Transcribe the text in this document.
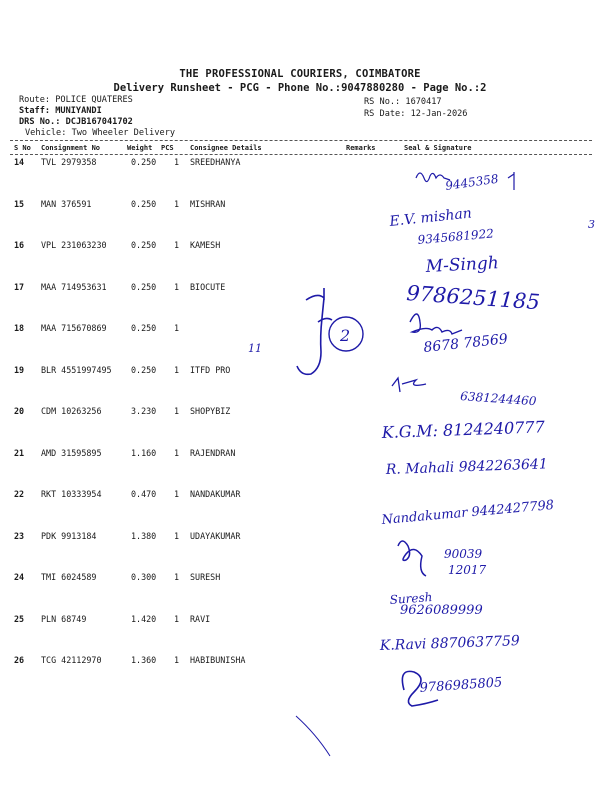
THE PROFESSIONAL COURIERS, COIMBATORE
Delivery Runsheet - PCG - Phone No.:9047880280 - Page No.:2
Route: POLICE QUATERES
Staff: MUNIYANDI
DRS No.: DCJB167041702
Vehicle: Two Wheeler Delivery
RS No.: 1670417
RS Date: 12-Jan-2026
S No Consignment No	Weight PCS Consignee Details	Remarks	Seal & Signature
14 TVL 2979358	0.250 1 SREEDHANYA
15 MAN 376591	0.250 1 MISHRAN
16 VPL 231063230	0.250 1 KAMESH
17 MAA 714953631	0.250 1 BIOCUTE
18 MAA 715670869	0.250 1
19 BLR 4551997495 0.250 1 ITFD PRO
20 CDM 10263256	3.230 1 SHOPYBIZ
21 AMD 31595895	1.160 1 RAJENDRAN
22 RKT 10333954	0.470 1 NANDAKUMAR
23 PDK 9913184	1.380 1 UDAYAKUMAR
24 TMI 6024589	0.300 1 SURESH
25 PLN 68749	1.420 1 RAVI
26 TCG 42112970	1.360 1 HABIBUNISHA
9445358
E.V. mishan
9345681922
3
M-Singh
9786251185
8678 78569
2
11
6381244460
K.G.M: 8124240777
R. Mahali 9842263641
Nandakumar 9442427798
90039
12017
Suresh
9626089999
K.Ravi 8870637759
9786985805
